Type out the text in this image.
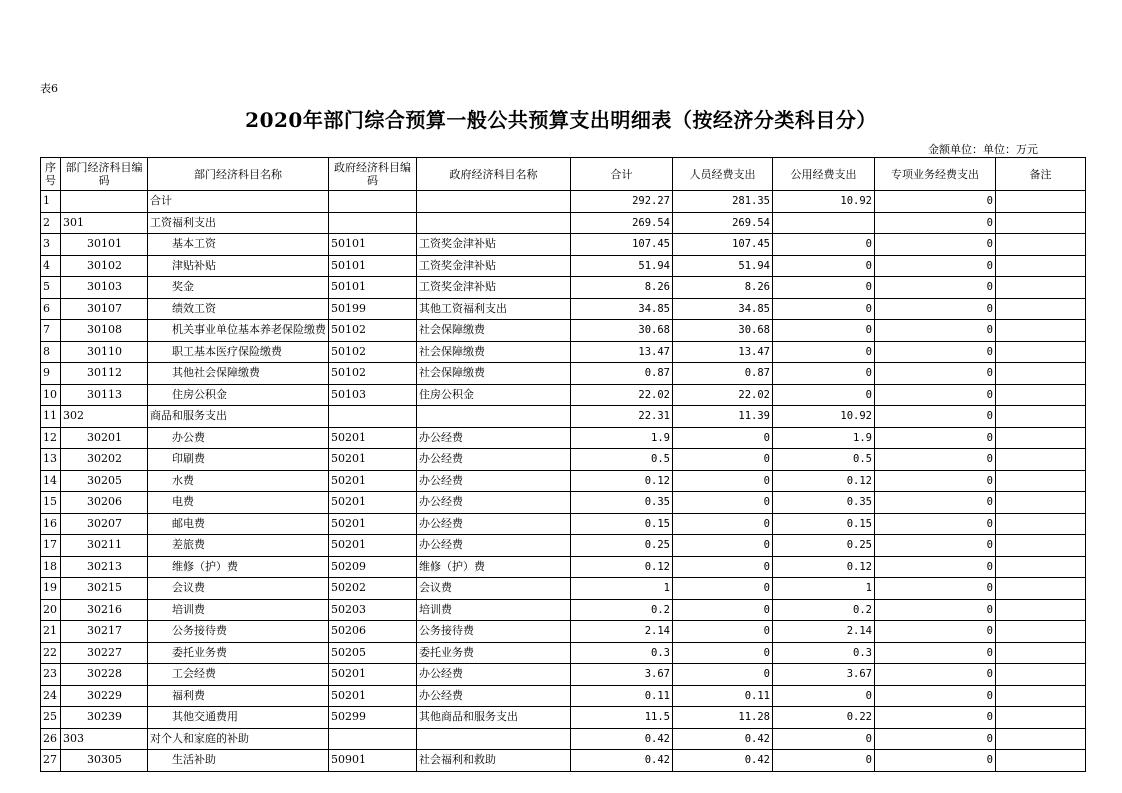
表6
2020年部门综合预算一般公共预算支出明细表（按经济分类科目分）
金额单位：单位：万元
序号	部门经济科目编码	部门经济科目名称	政府经济科目编码	政府经济科目名称	合计	人员经费支出	公用经费支出	专项业务经费支出	备注
1		合计			292.27	281.35	10.92	0	
2	301	工资福利支出			269.54	269.54		0	
3	30101	基本工资	50101	工资奖金津补贴	107.45	107.45	0	0	
4	30102	津贴补贴	50101	工资奖金津补贴	51.94	51.94	0	0	
5	30103	奖金	50101	工资奖金津补贴	8.26	8.26	0	0	
6	30107	绩效工资	50199	其他工资福利支出	34.85	34.85	0	0	
7	30108	机关事业单位基本养老保险缴费	50102	社会保障缴费	30.68	30.68	0	0	
8	30110	职工基本医疗保险缴费	50102	社会保障缴费	13.47	13.47	0	0	
9	30112	其他社会保障缴费	50102	社会保障缴费	0.87	0.87	0	0	
10	30113	住房公积金	50103	住房公积金	22.02	22.02	0	0	
11	302	商品和服务支出			22.31	11.39	10.92	0	
12	30201	办公费	50201	办公经费	1.9	0	1.9	0	
13	30202	印刷费	50201	办公经费	0.5	0	0.5	0	
14	30205	水费	50201	办公经费	0.12	0	0.12	0	
15	30206	电费	50201	办公经费	0.35	0	0.35	0	
16	30207	邮电费	50201	办公经费	0.15	0	0.15	0	
17	30211	差旅费	50201	办公经费	0.25	0	0.25	0	
18	30213	维修（护）费	50209	维修（护）费	0.12	0	0.12	0	
19	30215	会议费	50202	会议费	1	0	1	0	
20	30216	培训费	50203	培训费	0.2	0	0.2	0	
21	30217	公务接待费	50206	公务接待费	2.14	0	2.14	0	
22	30227	委托业务费	50205	委托业务费	0.3	0	0.3	0	
23	30228	工会经费	50201	办公经费	3.67	0	3.67	0	
24	30229	福利费	50201	办公经费	0.11	0.11	0	0	
25	30239	其他交通费用	50299	其他商品和服务支出	11.5	11.28	0.22	0	
26	303	对个人和家庭的补助			0.42	0.42	0	0	
27	30305	生活补助	50901	社会福利和救助	0.42	0.42	0	0	
